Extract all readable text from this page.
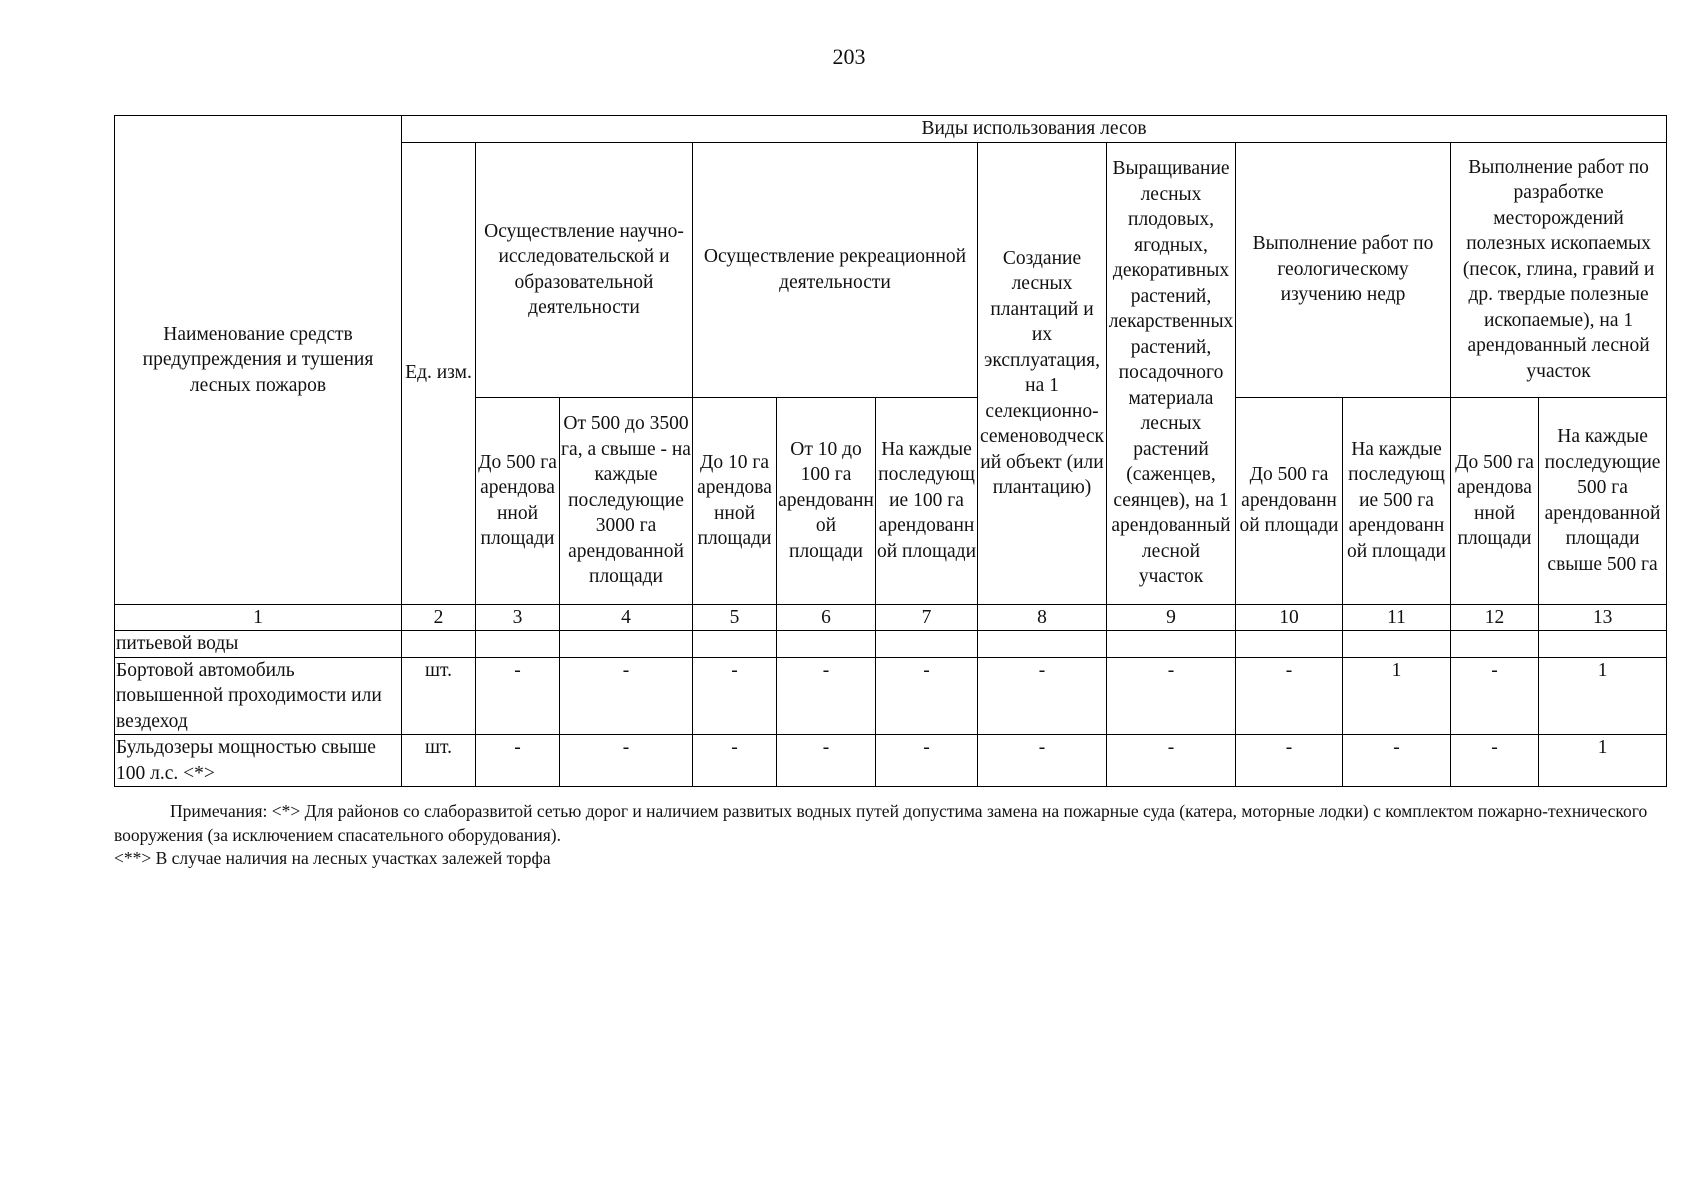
203
Наименование средств предупреждения и тушения лесных пожаров	Виды использования лесов											
	Ед. изм.	Осуществление научно-исследовательской и образовательной деятельности		Осуществление рекреационной деятельности			Создание лесных плантаций и их эксплуатация, на 1 селекционно-семеноводческий объект (или плантацию)	Выращивание лесных плодовых, ягодных, декоративных растений, лекарственных растений, посадочного материала лесных растений (саженцев, сеянцев), на 1 арендованный лесной участок	Выполнение работ по геологическому изучению недр		Выполнение работ по разработке месторождений полезных ископаемых (песок, глина, гравий и др. твердые полезные ископаемые), на 1 арендованный лесной участок	
		До 500 га арендованной площади	От 500 до 3500 га, а свыше - на каждые последующие 3000 га арендованной площади	До 10 га арендованной площади	От 10 до 100 га арендованной площади	На каждые последующие 100 га арендованной площади			До 500 га арендованной площади	На каждые последующие 500 га арендованной площади	До 500 га арендованной площади	На каждые последующие 500 га арендованной площади свыше 500 га
1	2	3	4	5	6	7	8	9	10	11	12	13
питьевой воды												
Бортовой автомобиль повышенной проходимости или вездеход	шт.	-	-	-	-	-	-	-	-	1	-	1
Бульдозеры мощностью свыше 100 л.с. <*>	шт.	-	-	-	-	-	-	-	-	-	-	1

Примечания: <*> Для районов со слаборазвитой сетью дорог и наличием развитых водных путей допустима замена на пожарные суда (катера, моторные лодки) с комплектом пожарно-технического вооружения (за исключением спасательного оборудования).

<**> В случае наличия на лесных участках залежей торфа
